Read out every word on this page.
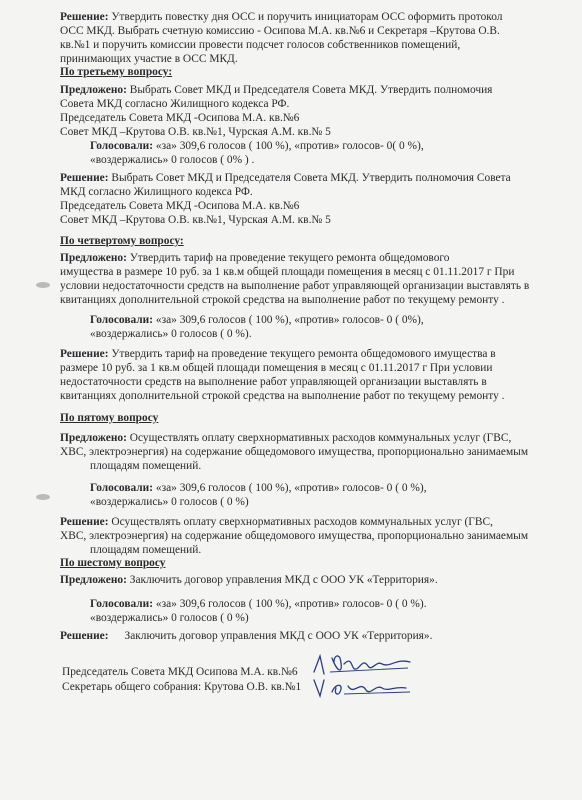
Решение: Утвердить повестку дня ОСС и поручить инициаторам ОСС оформить протокол
ОСС МКД. Выбрать счетную комиссию - Осипова М.А. кв.№6 и Секретаря –Крутова О.В.
кв.№1 и поручить комиссии провести подсчет голосов собственников помещений,
принимающих участие в ОСС МКД.
По третьему вопросу:
Предложено: Выбрать Совет МКД и Председателя Совета МКД. Утвердить полномочия
Совета МКД согласно Жилищного кодекса РФ.
Председатель Совета МКД -Осипова М.А. кв.№6
Совет МКД –Крутова О.В. кв.№1, Чурская А.М. кв.№ 5
Голосовали: «за» 309,6 голосов ( 100 %), «против» голосов- 0( 0 %),
«воздержались» 0 голосов ( 0% ) .
Решение: Выбрать Совет МКД и Председателя Совета МКД. Утвердить полномочия Совета
МКД согласно Жилищного кодекса РФ.
Председатель Совета МКД -Осипова М.А. кв.№6
Совет МКД –Крутова О.В. кв.№1, Чурская А.М. кв.№ 5
По четвертому вопросу:
Предложено: Утвердить тариф на проведение текущего ремонта общедомового
имущества в размере 10 руб. за 1 кв.м общей площади помещения в месяц с 01.11.2017 г При
условии недостаточности средств на выполнение работ управляющей организации выставлять в
квитанциях дополнительной строкой средства на выполнение работ по текущему ремонту .
Голосовали: «за» 309,6 голосов ( 100 %), «против» голосов- 0 ( 0%),
«воздержались» 0 голосов ( 0 %).
Решение: Утвердить тариф на проведение текущего ремонта общедомового имущества в
размере 10 руб. за 1 кв.м общей площади помещения в месяц с 01.11.2017 г При условии
недостаточности средств на выполнение работ управляющей организации выставлять в
квитанциях дополнительной строкой средства на выполнение работ по текущему ремонту .
По пятому вопросу
Предложено: Осуществлять оплату сверхнормативных расходов коммунальных услуг (ГВС,
ХВС, электроэнергия) на содержание общедомового имущества, пропорционально занимаемым
площадям помещений.
Голосовали: «за» 309,6 голосов ( 100 %), «против» голосов- 0 ( 0 %),
«воздержались» 0 голосов ( 0 %)
Решение: Осуществлять оплату сверхнормативных расходов коммунальных услуг (ГВС,
ХВС, электроэнергия) на содержание общедомового имущества, пропорционально занимаемым
площадям помещений.
По шестому вопросу
Предложено: Заключить договор управления МКД с ООО УК «Территория».
Голосовали: «за» 309,6 голосов ( 100 %), «против» голосов- 0 ( 0 %).
«воздержались» 0 голосов ( 0 %)
Решение: Заключить договор управления МКД с ООО УК «Территория».
Председатель Совета МКД Осипова М.А. кв.№6
Секретарь общего собрания: Крутова О.В. кв.№1
